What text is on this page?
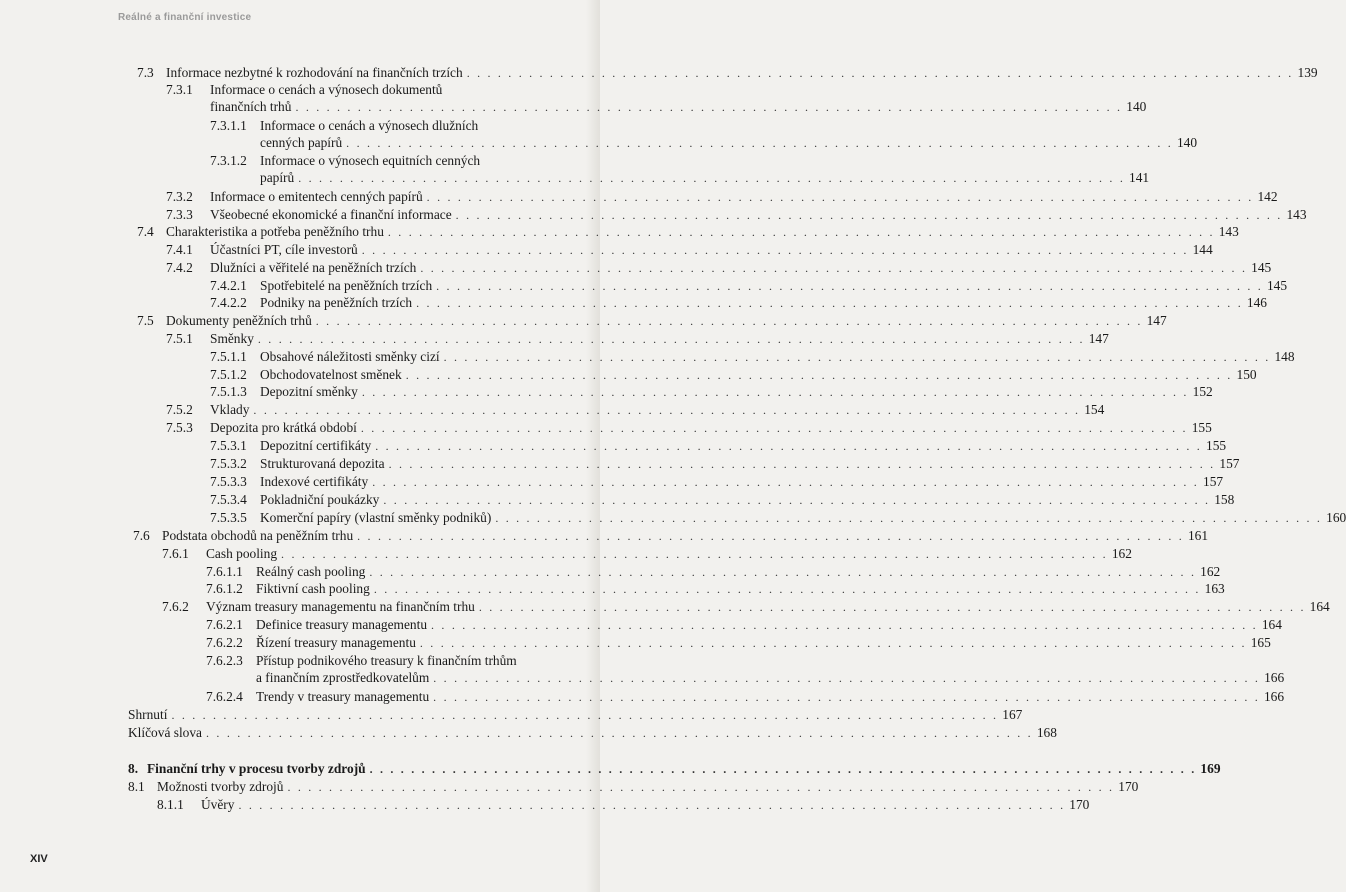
Reálné a finanční investice
7.3 Informace nezbytné k rozhodování na finančních trzích . . . . . . . . . . . . . . . . . . . . . . . . . . . . . . . . . . . . . . . . . . . . . . . . . . . . . . . . . . . . . . . . . . . . . . . . . . . . . . . . 139
7.3.1 Informace o cenách a výnosech dokumentů
finančních trhů . . . . . . . . . . . . . . . . . . . . . . . . . . . . . . . . . . . . . . . . . . . . . . . . . . . . . . . . . . . . . . . . . . . . . . . . . . . . . . . . 140
7.3.1.1 Informace o cenách a výnosech dlužních
cenných papírů . . . . . . . . . . . . . . . . . . . . . . . . . . . . . . . . . . . . . . . . . . . . . . . . . . . . . . . . . . . . . . . . . . . . . . . . . . . . . . . . 140
7.3.1.2 Informace o výnosech equitních cenných
papírů . . . . . . . . . . . . . . . . . . . . . . . . . . . . . . . . . . . . . . . . . . . . . . . . . . . . . . . . . . . . . . . . . . . . . . . . . . . . . . . . 141
7.3.2 Informace o emitentech cenných papírů . . . . . . . . . . . . . . . . . . . . . . . . . . . . . . . . . . . . . . . . . . . . . . . . . . . . . . . . . . . . . . . . . . . . . . . . . . . . . . . . 142
7.3.3 Všeobecné ekonomické a finanční informace . . . . . . . . . . . . . . . . . . . . . . . . . . . . . . . . . . . . . . . . . . . . . . . . . . . . . . . . . . . . . . . . . . . . . . . . . . . . . . . . 143
7.4 Charakteristika a potřeba peněžního trhu . . . . . . . . . . . . . . . . . . . . . . . . . . . . . . . . . . . . . . . . . . . . . . . . . . . . . . . . . . . . . . . . . . . . . . . . . . . . . . . . 143
7.4.1 Účastníci PT, cíle investorů . . . . . . . . . . . . . . . . . . . . . . . . . . . . . . . . . . . . . . . . . . . . . . . . . . . . . . . . . . . . . . . . . . . . . . . . . . . . . . . . 144
7.4.2 Dlužníci a věřitelé na peněžních trzích . . . . . . . . . . . . . . . . . . . . . . . . . . . . . . . . . . . . . . . . . . . . . . . . . . . . . . . . . . . . . . . . . . . . . . . . . . . . . . . . 145
7.4.2.1 Spotřebitelé na peněžních trzích . . . . . . . . . . . . . . . . . . . . . . . . . . . . . . . . . . . . . . . . . . . . . . . . . . . . . . . . . . . . . . . . . . . . . . . . . . . . . . . . 145
7.4.2.2 Podniky na peněžních trzích . . . . . . . . . . . . . . . . . . . . . . . . . . . . . . . . . . . . . . . . . . . . . . . . . . . . . . . . . . . . . . . . . . . . . . . . . . . . . . . . 146
7.5 Dokumenty peněžních trhů . . . . . . . . . . . . . . . . . . . . . . . . . . . . . . . . . . . . . . . . . . . . . . . . . . . . . . . . . . . . . . . . . . . . . . . . . . . . . . . . 147
7.5.1 Směnky . . . . . . . . . . . . . . . . . . . . . . . . . . . . . . . . . . . . . . . . . . . . . . . . . . . . . . . . . . . . . . . . . . . . . . . . . . . . . . . . 147
7.5.1.1 Obsahové náležitosti směnky cizí . . . . . . . . . . . . . . . . . . . . . . . . . . . . . . . . . . . . . . . . . . . . . . . . . . . . . . . . . . . . . . . . . . . . . . . . . . . . . . . . 148
7.5.1.2 Obchodovatelnost směnek . . . . . . . . . . . . . . . . . . . . . . . . . . . . . . . . . . . . . . . . . . . . . . . . . . . . . . . . . . . . . . . . . . . . . . . . . . . . . . . . 150
7.5.1.3 Depozitní směnky . . . . . . . . . . . . . . . . . . . . . . . . . . . . . . . . . . . . . . . . . . . . . . . . . . . . . . . . . . . . . . . . . . . . . . . . . . . . . . . . 152
7.5.2 Vklady . . . . . . . . . . . . . . . . . . . . . . . . . . . . . . . . . . . . . . . . . . . . . . . . . . . . . . . . . . . . . . . . . . . . . . . . . . . . . . . . 154
7.5.3 Depozita pro krátká období . . . . . . . . . . . . . . . . . . . . . . . . . . . . . . . . . . . . . . . . . . . . . . . . . . . . . . . . . . . . . . . . . . . . . . . . . . . . . . . . 155
7.5.3.1 Depozitní certifikáty . . . . . . . . . . . . . . . . . . . . . . . . . . . . . . . . . . . . . . . . . . . . . . . . . . . . . . . . . . . . . . . . . . . . . . . . . . . . . . . . 155
7.5.3.2 Strukturovaná depozita . . . . . . . . . . . . . . . . . . . . . . . . . . . . . . . . . . . . . . . . . . . . . . . . . . . . . . . . . . . . . . . . . . . . . . . . . . . . . . . . 157
7.5.3.3 Indexové certifikáty . . . . . . . . . . . . . . . . . . . . . . . . . . . . . . . . . . . . . . . . . . . . . . . . . . . . . . . . . . . . . . . . . . . . . . . . . . . . . . . . 157
7.5.3.4 Pokladniční poukázky . . . . . . . . . . . . . . . . . . . . . . . . . . . . . . . . . . . . . . . . . . . . . . . . . . . . . . . . . . . . . . . . . . . . . . . . . . . . . . . . 158
7.5.3.5 Komerční papíry (vlastní směnky podniků) . . . . . . . . . . . . . . . . . . . . . . . . . . . . . . . . . . . . . . . . . . . . . . . . . . . . . . . . . . . . . . . . . . . . . . . . . . . . . . . . 160
7.6 Podstata obchodů na peněžním trhu . . . . . . . . . . . . . . . . . . . . . . . . . . . . . . . . . . . . . . . . . . . . . . . . . . . . . . . . . . . . . . . . . . . . . . . . . . . . . . . . 161
7.6.1 Cash pooling . . . . . . . . . . . . . . . . . . . . . . . . . . . . . . . . . . . . . . . . . . . . . . . . . . . . . . . . . . . . . . . . . . . . . . . . . . . . . . . . 162
7.6.1.1 Reálný cash pooling . . . . . . . . . . . . . . . . . . . . . . . . . . . . . . . . . . . . . . . . . . . . . . . . . . . . . . . . . . . . . . . . . . . . . . . . . . . . . . . . 162
7.6.1.2 Fiktivní cash pooling . . . . . . . . . . . . . . . . . . . . . . . . . . . . . . . . . . . . . . . . . . . . . . . . . . . . . . . . . . . . . . . . . . . . . . . . . . . . . . . . 163
7.6.2 Význam treasury managementu na finančním trhu . . . . . . . . . . . . . . . . . . . . . . . . . . . . . . . . . . . . . . . . . . . . . . . . . . . . . . . . . . . . . . . . . . . . . . . . . . . . . . . . 164
7.6.2.1 Definice treasury managementu . . . . . . . . . . . . . . . . . . . . . . . . . . . . . . . . . . . . . . . . . . . . . . . . . . . . . . . . . . . . . . . . . . . . . . . . . . . . . . . . 164
7.6.2.2 Řízení treasury managementu . . . . . . . . . . . . . . . . . . . . . . . . . . . . . . . . . . . . . . . . . . . . . . . . . . . . . . . . . . . . . . . . . . . . . . . . . . . . . . . . 165
7.6.2.3 Přístup podnikového treasury k finančním trhům
a finančním zprostředkovatelům . . . . . . . . . . . . . . . . . . . . . . . . . . . . . . . . . . . . . . . . . . . . . . . . . . . . . . . . . . . . . . . . . . . . . . . . . . . . . . . . 166
7.6.2.4 Trendy v treasury managementu . . . . . . . . . . . . . . . . . . . . . . . . . . . . . . . . . . . . . . . . . . . . . . . . . . . . . . . . . . . . . . . . . . . . . . . . . . . . . . . . 166
Shrnutí . . . . . . . . . . . . . . . . . . . . . . . . . . . . . . . . . . . . . . . . . . . . . . . . . . . . . . . . . . . . . . . . . . . . . . . . . . . . . . . . 167
Klíčová slova . . . . . . . . . . . . . . . . . . . . . . . . . . . . . . . . . . . . . . . . . . . . . . . . . . . . . . . . . . . . . . . . . . . . . . . . . . . . . . . . 168
8. Finanční trhy v procesu tvorby zdrojů . . . . . . . . . . . . . . . . . . . . . . . . . . . . . . . . . . . . . . . . . . . . . . . . . . . . . . . . . . . . . . . . . . . . . . . . . . . . . . . . 169
8.1 Možnosti tvorby zdrojů . . . . . . . . . . . . . . . . . . . . . . . . . . . . . . . . . . . . . . . . . . . . . . . . . . . . . . . . . . . . . . . . . . . . . . . . . . . . . . . . 170
8.1.1 Úvěry . . . . . . . . . . . . . . . . . . . . . . . . . . . . . . . . . . . . . . . . . . . . . . . . . . . . . . . . . . . . . . . . . . . . . . . . . . . . . . . . 170
XIV
